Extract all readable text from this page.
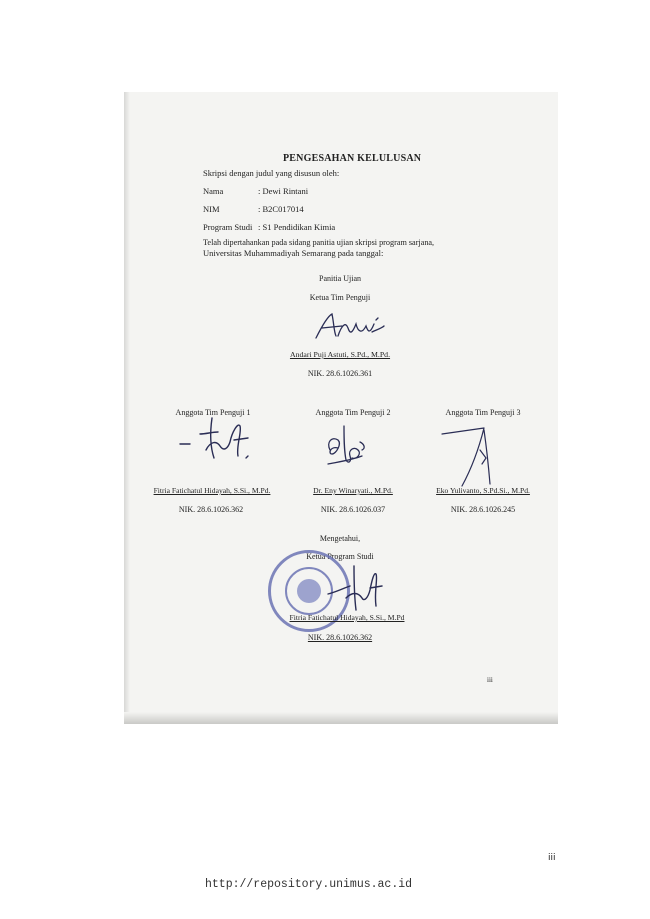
PENGESAHAN KELULUSAN
Skripsi dengan judul yang disusun oleh:
Nama	: Dewi Rintani
NIM	: B2C017014
Program Studi : S1 Pendidikan Kimia
Telah dipertahankan pada sidang panitia ujian skripsi program sarjana,
Universitas Muhammadiyah Semarang pada tanggal:
Panitia Ujian
Ketua Tim Penguji
Andari Puji Astuti, S.Pd., M.Pd.
NIK. 28.6.1026.361
Anggota Tim Penguji 1	Anggota Tim Penguji 2	Anggota Tim Penguji 3
Fitria Fatichatul Hidayah, S.Si., M.Pd.	Dr. Eny Winaryati., M.Pd.	Eko Yulivanto, S.Pd.Si., M.Pd.
NIK. 28.6.1026.362	NIK. 28.6.1026.037	NIK. 28.6.1026.245
Mengetahui,
Ketua Program Studi
Fitria Fatichatul Hidayah, S.Si., M.Pd
NIK. 28.6.1026.362
iii
iii
http://repository.unimus.ac.id
